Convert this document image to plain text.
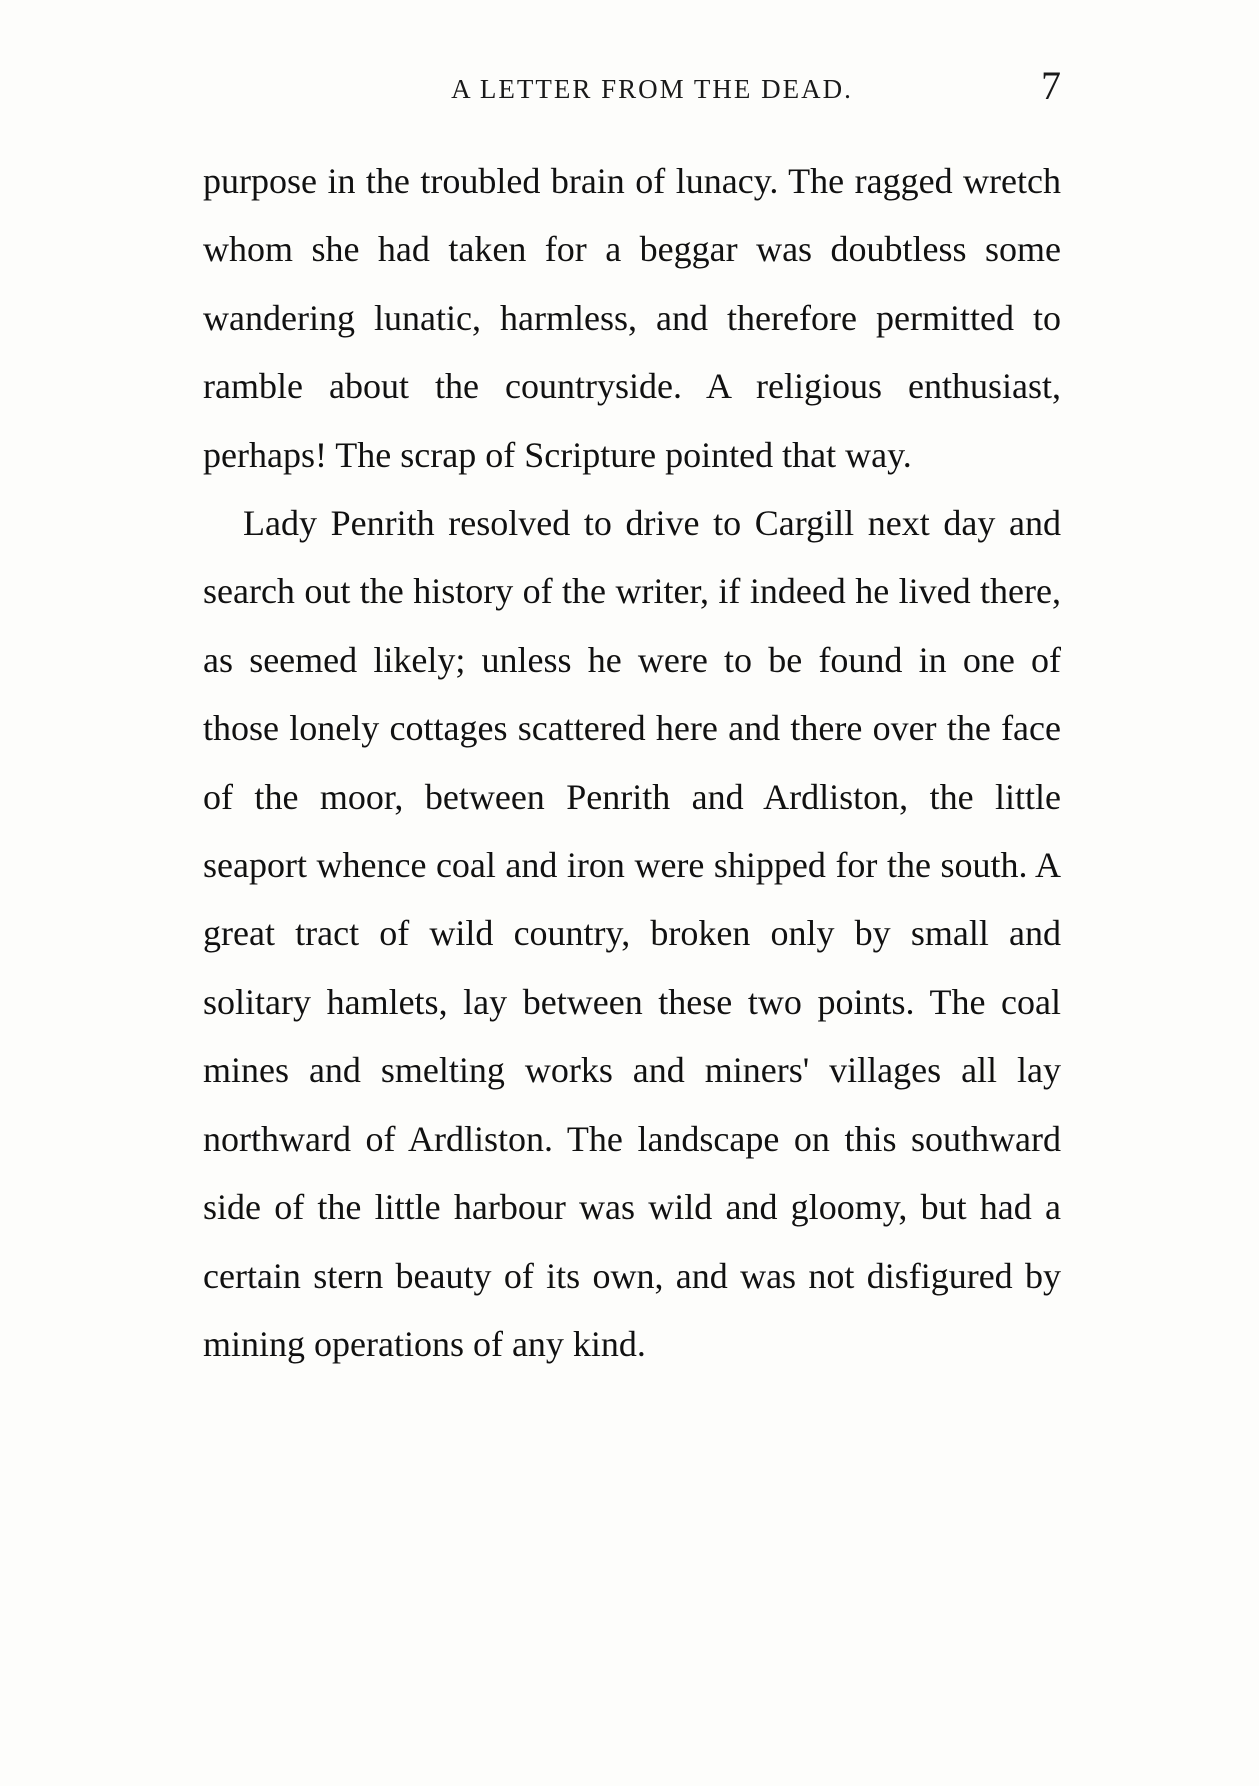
A LETTER FROM THE DEAD.	7

purpose in the troubled brain of lunacy. The ragged wretch whom she had taken for a beggar was doubtless some wandering lunatic, harmless, and therefore permitted to ramble about the countryside. A religious enthusiast, perhaps! The scrap of Scripture pointed that way.

Lady Penrith resolved to drive to Cargill next day and search out the history of the writer, if indeed he lived there, as seemed likely; unless he were to be found in one of those lonely cottages scattered here and there over the face of the moor, between Penrith and Ardliston, the little seaport whence coal and iron were shipped for the south. A great tract of wild country, broken only by small and solitary hamlets, lay between these two points. The coal mines and smelting works and miners' villages all lay northward of Ardliston. The landscape on this southward side of the little harbour was wild and gloomy, but had a certain stern beauty of its own, and was not disfigured by mining operations of any kind.
